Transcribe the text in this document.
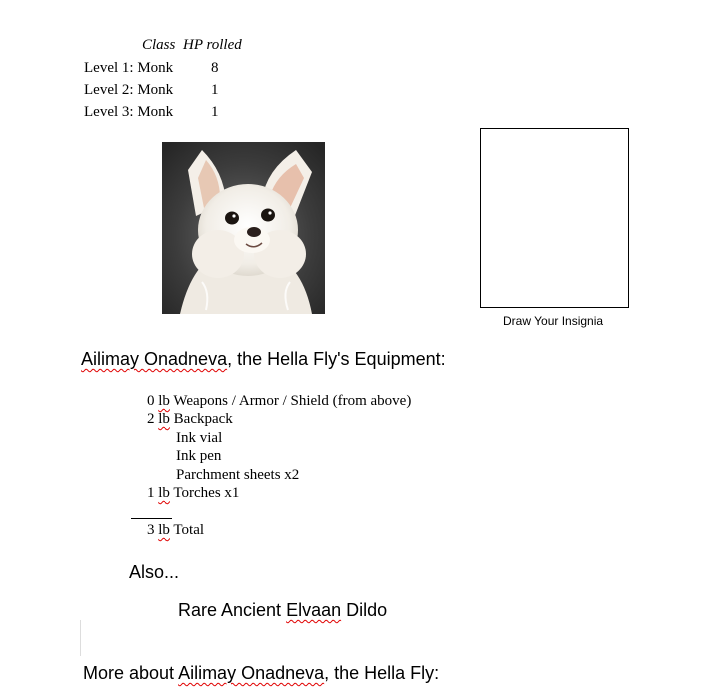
Class HP rolled
Level 1: Monk	8
Level 2: Monk	1
Level 3: Monk	1
Draw Your Insignia
Ailimay Onadneva, the Hella Fly's Equipment:
0 lb Weapons / Armor / Shield (from above)
2 lb Backpack
Ink vial
Ink pen
Parchment sheets x2
1 lb Torches x1
3 lb Total
Also...
Rare Ancient Elvaan Dildo
More about Ailimay Onadneva, the Hella Fly:
